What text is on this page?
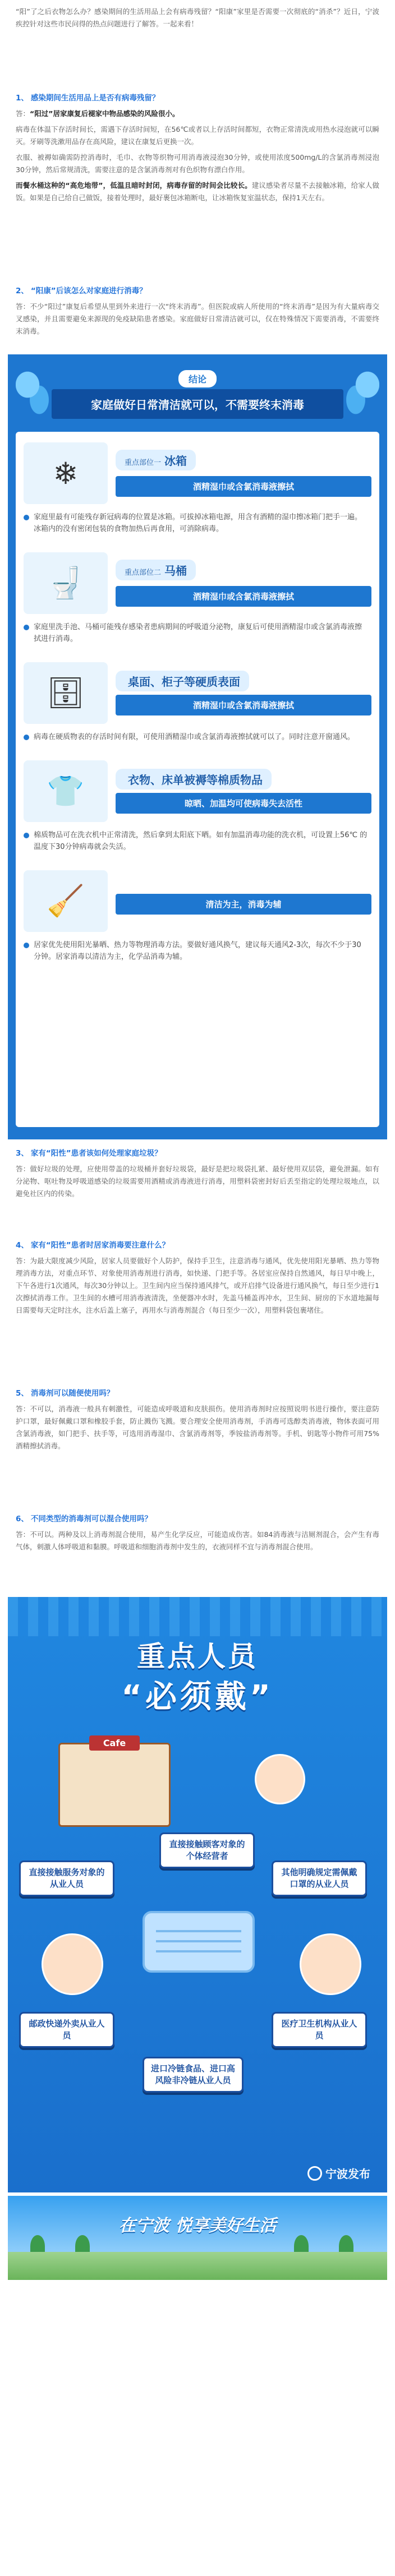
“阳”了之后衣物怎么办？感染期间的生活用品上会有病毒残留？“阳康”家里是否需要一次彻底的“消杀”？近日，宁波疾控针对这些市民问得的热点问题进行了解答。一起来看！
1、 感染期间生活用品上是否有病毒残留？
答：“阳过”居家康复后褪家中物品感染的风险很小。
病毒在体温下存活时间长，需遇下存活时间短，在56℃或者以上存活时间都短，衣物正常清洗或用热水浸泡就可以瞬灭。牙刷等洗漱用品存在高风险，建议在康复后更换一次。
衣服、被褥如确需防控消毒时，毛巾、衣物等织物可用消毒液浸泡30分钟，或使用浓度500mg/L的含氯消毒剂浸泡30分钟，然后常规清洗，需要注意的是含氯消毒剂对有色织物有漂白作用。
而餐水桶这种的“高危地带”，低温且暗时封闭，病毒存留的时间会比较长。建议感染者尽量不去接触冰箱，给家人做饭。如果是自己给自己做饭，接着处理时，最好裹包冰箱断电，让冰箱恢复室温状态，保持1天左右。
2、 “阳康”后该怎么对家庭进行消毒？
答：不少“阳过”康复后希望从里到外来进行一次“终末消毒”。但医院或病人所使用的“终末消毒”是因为有大量病毒交叉感染，并且需要避免来源现的免疫缺陷患者感染。家庭做好日常清洁就可以，仅在特殊情况下需要消毒，不需要终末消毒。
结论
家庭做好日常清洁就可以，不需要终末消毒
❄	重点部位一 冰箱
酒精湿巾或含氯消毒液擦拭
家庭里最有可能残存新冠病毒的位置是冰箱。可拔掉冰箱电源，用含有酒精的湿巾擦冰箱门把手一遍。冰箱内的没有密闭包装的食物加热后再食用，可消除病毒。
🚽	重点部位二 马桶
酒精湿巾或含氯消毒液擦拭
家庭里洗手池、马桶可能残存感染者患病期间的呼吸道分泌物，康复后可使用酒精湿巾或含氯消毒液擦拭进行消毒。
🗄	桌面、柜子等硬质表面
酒精湿巾或含氯消毒液擦拭
病毒在硬质物表的存活时间有限，可使用酒精湿巾或含氯消毒液擦拭就可以了。同时注意开窗通风。
👕	衣物、床单被褥等棉质物品
晾晒、加温均可使病毒失去活性
棉质物品可在洗衣机中正常清洗，然后拿到太阳底下晒。如有加温消毒功能的洗衣机，可设置上56℃ 的温度下30分钟病毒就会失活。
🧹	清洁为主，消毒为辅
居家优先使用阳光暴晒、热力等物理消毒方法。要做好通风换气，建议每天通风2-3次，每次不少于30分钟。居家消毒以清洁为主，化学品消毒为辅。
3、 家有“阳性”患者该如何处理家庭垃圾？
答：做好垃圾的处理，应使用带盖的垃圾桶并套好垃圾袋，最好是把垃圾袋扎紧、最好使用双层袋，避免泄漏。如有分泌物、呕吐物及呼吸道感染的垃圾需要用酒精或消毒液进行消毒，用塑料袋密封好后丢至指定的处理垃圾地点，以避免社区内的传染。
4、 家有“阳性”患者时居家消毒要注意什么？
答：为最大限度减少风险，居家人员要做好个人防护，保持手卫生，注意消毒与通风，优先使用阳光暴晒、热力等物理消毒方法，对重点环节、对象使用消毒剂进行消毒，如快递、门把手等。各居室应保持自然通风，每日早中晚上，下午各进行1次通风，每次30分钟以上。卫生间内应当保持通风排气，或开启排气设备进行通风换气，每日至少进行1次擦拭消毒工作。卫生间的水槽可用消毒液清洗，坐便器冲水时，先盖马桶盖再冲水，卫生间、厨房的下水道地漏每日需要每天定时注水，注水后盖上塞子，再用水与消毒剂混合（每日至少一次），用塑料袋包裹堵住。
5、 消毒剂可以随便使用吗？
答：不可以，消毒液一般具有刺激性，可能造成呼吸道和皮肤损伤。使用消毒剂时应按照说明书进行操作，要注意防护口罩，最好佩戴口罩和橡胶手套，防止溅伤飞溅。要合理安全使用消毒剂，手消毒可选醇类消毒液，物体表面可用含氯消毒液，如门把手、扶手等，可选用消毒湿巾、含氯消毒剂等，季铵盐消毒剂等。手机、钥匙等小物件可用75%酒精擦拭消毒。
6、 不同类型的消毒剂可以混合使用吗？
答：不可以。两种及以上消毒剂混合使用，易产生化学反应，可能造成伤害。如84消毒液与洁厕剂混合，会产生有毒气体，刺激人体呼吸道和黏膜。呼吸道和细胞消毒剂中发生的，衣液同样不宜与消毒剂混合使用。
重点人员
“必须戴”
Cafe
直接接触顾客对象的个体经营者
直接接触服务对象的从业人员
其他明确规定需佩戴口罩的从业人员
邮政快递外卖从业人员
医疗卫生机构从业人员
进口冷链食品、进口高风险非冷链从业人员
宁波发布
在宁波 悦享美好生活
